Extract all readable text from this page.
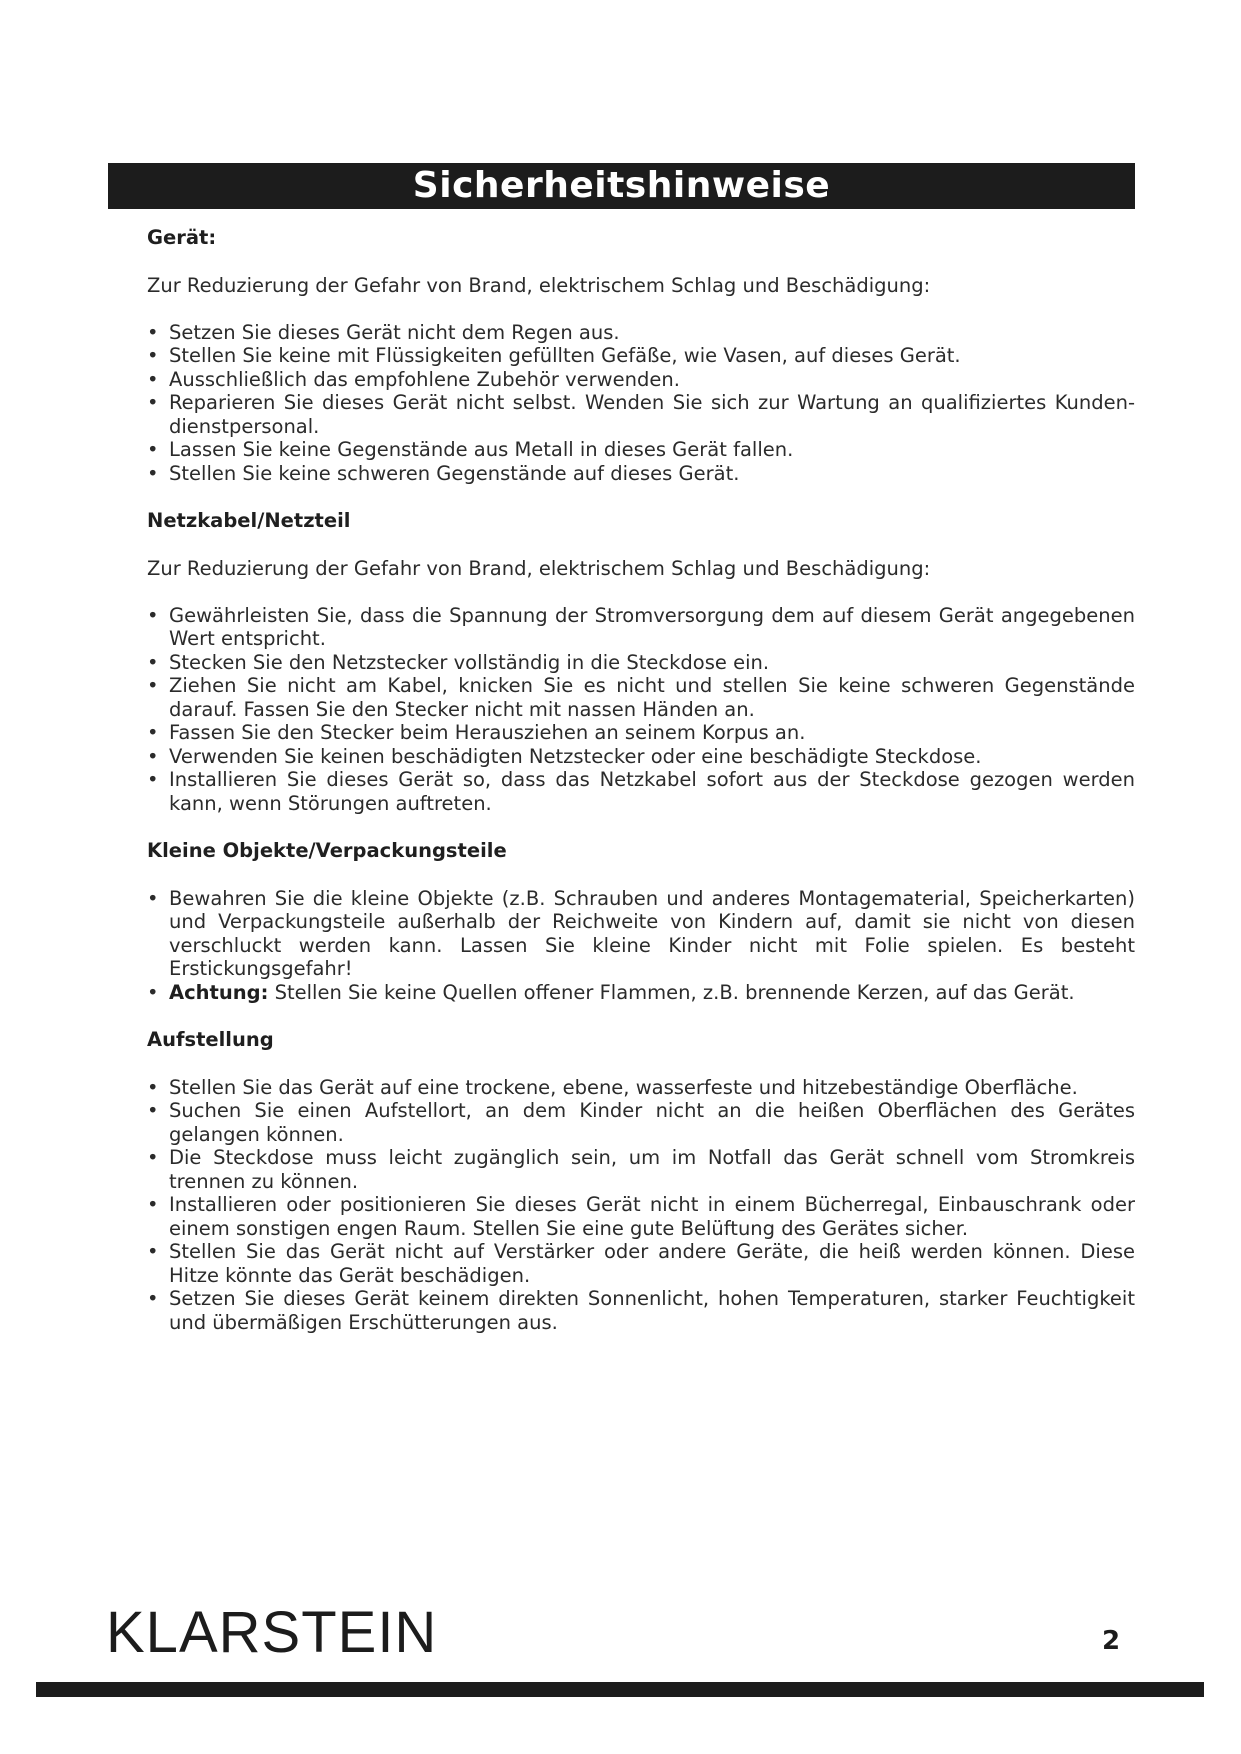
Sicherheitshinweise
Gerät:

Zur Reduzierung der Gefahr von Brand, elektrischem Schlag und Beschädigung:

• Setzen Sie dieses Gerät nicht dem Regen aus.
• Stellen Sie keine mit Flüssigkeiten gefüllten Gefäße, wie Vasen, auf dieses Gerät.
• Ausschließlich das empfohlene Zubehör verwenden.
• Reparieren Sie dieses Gerät nicht selbst. Wenden Sie sich zur Wartung an qualifiziertes Kunden-dienstpersonal.
• Lassen Sie keine Gegenstände aus Metall in dieses Gerät fallen.
• Stellen Sie keine schweren Gegenstände auf dieses Gerät.
Netzkabel/Netzteil

Zur Reduzierung der Gefahr von Brand, elektrischem Schlag und Beschädigung:

• Gewährleisten Sie, dass die Spannung der Stromversorgung dem auf diesem Gerät angegebenen Wert entspricht.
• Stecken Sie den Netzstecker vollständig in die Steckdose ein.
• Ziehen Sie nicht am Kabel, knicken Sie es nicht und stellen Sie keine schweren Gegenstände darauf. Fassen Sie den Stecker nicht mit nassen Händen an.
• Fassen Sie den Stecker beim Herausziehen an seinem Korpus an.
• Verwenden Sie keinen beschädigten Netzstecker oder eine beschädigte Steckdose.
• Installieren Sie dieses Gerät so, dass das Netzkabel sofort aus der Steckdose gezogen werden kann, wenn Störungen auftreten.
Kleine Objekte/Verpackungsteile
• Bewahren Sie die kleine Objekte (z.B. Schrauben und anderes Montagematerial, Speicherkarten) und Verpackungsteile außerhalb der Reichweite von Kindern auf, damit sie nicht von diesen verschluckt werden kann. Lassen Sie kleine Kinder nicht mit Folie spielen. Es besteht Erstickungsgefahr!
• Achtung: Stellen Sie keine Quellen offener Flammen, z.B. brennende Kerzen, auf das Gerät.
Aufstellung
• Stellen Sie das Gerät auf eine trockene, ebene, wasserfeste und hitzebeständige Oberfläche.
• Suchen Sie einen Aufstellort, an dem Kinder nicht an die heißen Oberflächen des Gerätes gelangen können.
• Die Steckdose muss leicht zugänglich sein, um im Notfall das Gerät schnell vom Stromkreis trennen zu können.
• Installieren oder positionieren Sie dieses Gerät nicht in einem Bücherregal, Einbauschrank oder einem sonstigen engen Raum. Stellen Sie eine gute Belüftung des Gerätes sicher.
• Stellen Sie das Gerät nicht auf Verstärker oder andere Geräte, die heiß werden können. Diese Hitze könnte das Gerät beschädigen.
• Setzen Sie dieses Gerät keinem direkten Sonnenlicht, hohen Temperaturen, starker Feuchtigkeit und übermäßigen Erschütterungen aus.
KLARSTEIN	2
